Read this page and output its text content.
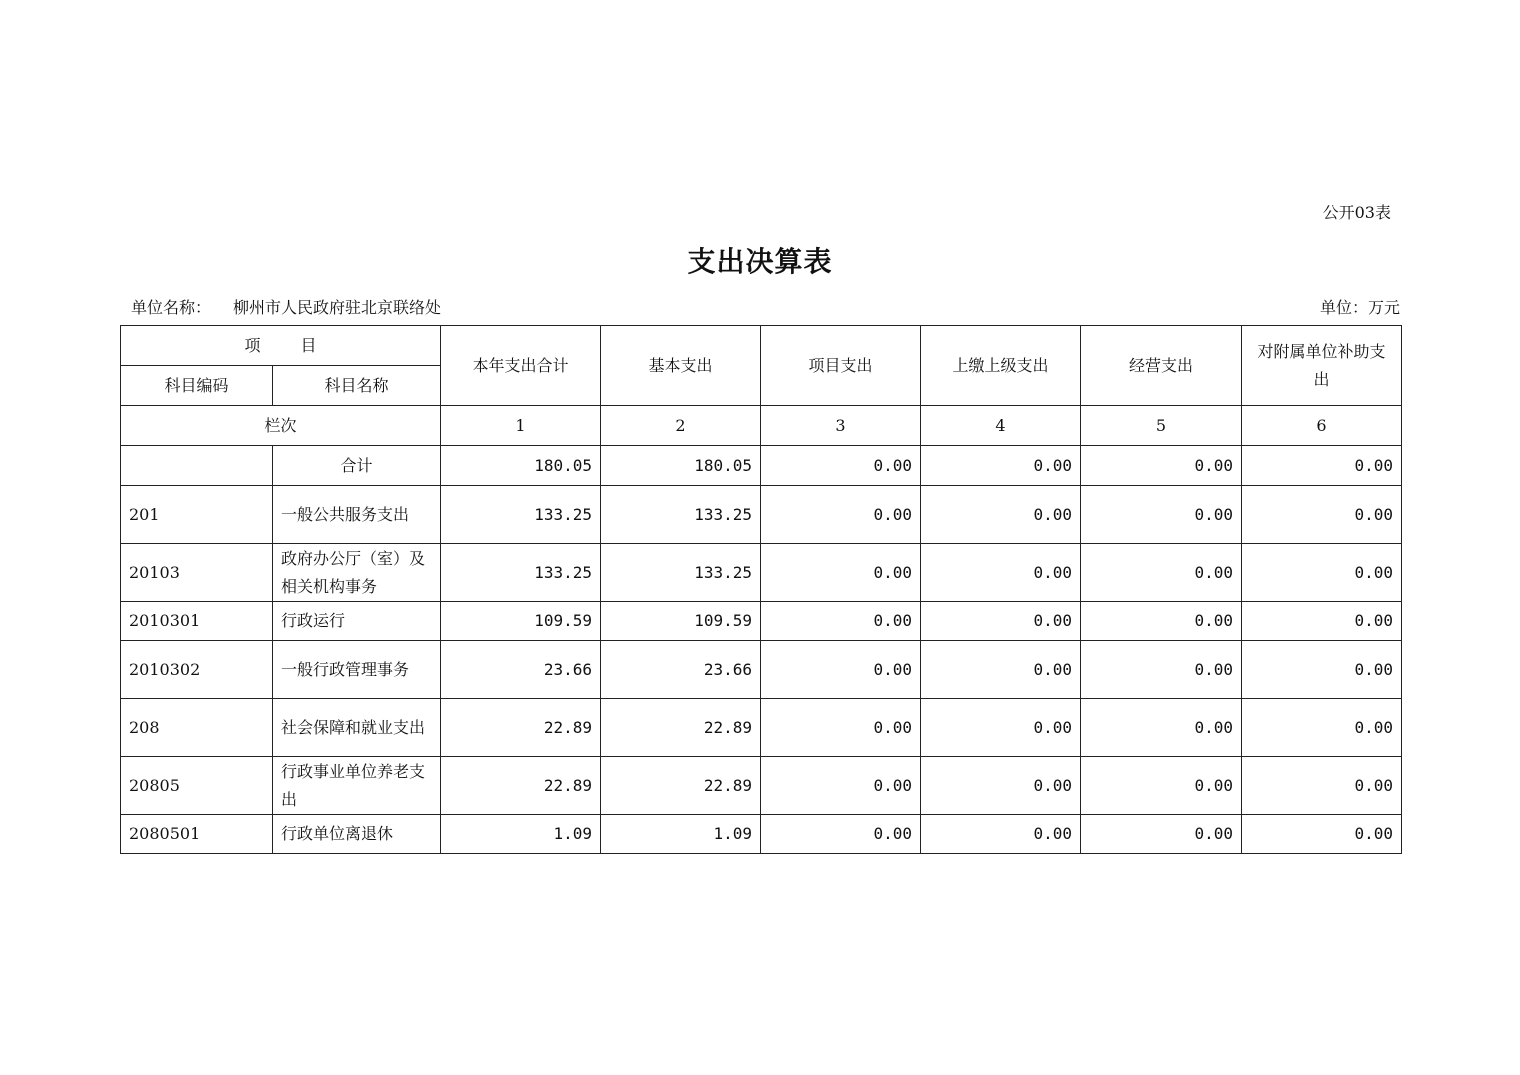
公开03表
支出决算表
单位名称： 柳州市人民政府驻北京联络处	单位：万元
项 目		本年支出合计	基本支出	项目支出	上缴上级支出	经营支出	对附属单位补助支出
科目编码	科目名称						
栏次		1	2	3	4	5	6
	合计	180.05	180.05	0.00	0.00	0.00	0.00
201	一般公共服务支出	133.25	133.25	0.00	0.00	0.00	0.00
20103	政府办公厅（室）及相关机构事务	133.25	133.25	0.00	0.00	0.00	0.00
2010301	行政运行	109.59	109.59	0.00	0.00	0.00	0.00
2010302	一般行政管理事务	23.66	23.66	0.00	0.00	0.00	0.00
208	社会保障和就业支出	22.89	22.89	0.00	0.00	0.00	0.00
20805	行政事业单位养老支出	22.89	22.89	0.00	0.00	0.00	0.00
2080501	行政单位离退休	1.09	1.09	0.00	0.00	0.00	0.00
